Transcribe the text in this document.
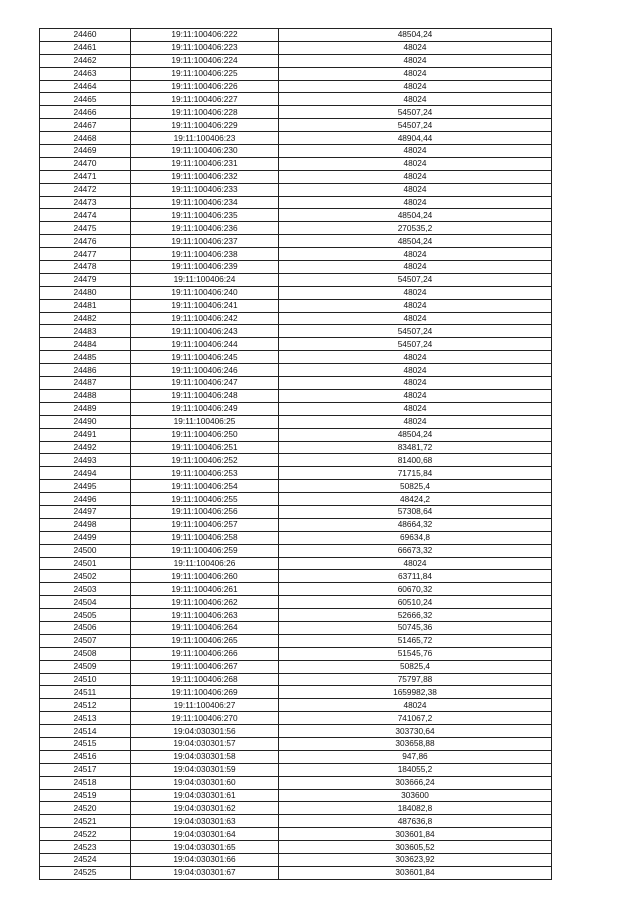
24460	19:11:100406:222	48504,24
24461	19:11:100406:223	48024
24462	19:11:100406:224	48024
24463	19:11:100406:225	48024
24464	19:11:100406:226	48024
24465	19:11:100406:227	48024
24466	19:11:100406:228	54507,24
24467	19:11:100406:229	54507,24
24468	19:11:100406:23	48904,44
24469	19:11:100406:230	48024
24470	19:11:100406:231	48024
24471	19:11:100406:232	48024
24472	19:11:100406:233	48024
24473	19:11:100406:234	48024
24474	19:11:100406:235	48504,24
24475	19:11:100406:236	270535,2
24476	19:11:100406:237	48504,24
24477	19:11:100406:238	48024
24478	19:11:100406:239	48024
24479	19:11:100406:24	54507,24
24480	19:11:100406:240	48024
24481	19:11:100406:241	48024
24482	19:11:100406:242	48024
24483	19:11:100406:243	54507,24
24484	19:11:100406:244	54507,24
24485	19:11:100406:245	48024
24486	19:11:100406:246	48024
24487	19:11:100406:247	48024
24488	19:11:100406:248	48024
24489	19:11:100406:249	48024
24490	19:11:100406:25	48024
24491	19:11:100406:250	48504,24
24492	19:11:100406:251	83481,72
24493	19:11:100406:252	81400,68
24494	19:11:100406:253	71715,84
24495	19:11:100406:254	50825,4
24496	19:11:100406:255	48424,2
24497	19:11:100406:256	57308,64
24498	19:11:100406:257	48664,32
24499	19:11:100406:258	69634,8
24500	19:11:100406:259	66673,32
24501	19:11:100406:26	48024
24502	19:11:100406:260	63711,84
24503	19:11:100406:261	60670,32
24504	19:11:100406:262	60510,24
24505	19:11:100406:263	52666,32
24506	19:11:100406:264	50745,36
24507	19:11:100406:265	51465,72
24508	19:11:100406:266	51545,76
24509	19:11:100406:267	50825,4
24510	19:11:100406:268	75797,88
24511	19:11:100406:269	1659982,38
24512	19:11:100406:27	48024
24513	19:11:100406:270	741067,2
24514	19:04:030301:56	303730,64
24515	19:04:030301:57	303658,88
24516	19:04:030301:58	947,86
24517	19:04:030301:59	184055,2
24518	19:04:030301:60	303666,24
24519	19:04:030301:61	303600
24520	19:04:030301:62	184082,8
24521	19:04:030301:63	487636,8
24522	19:04:030301:64	303601,84
24523	19:04:030301:65	303605,52
24524	19:04:030301:66	303623,92
24525	19:04:030301:67	303601,84
